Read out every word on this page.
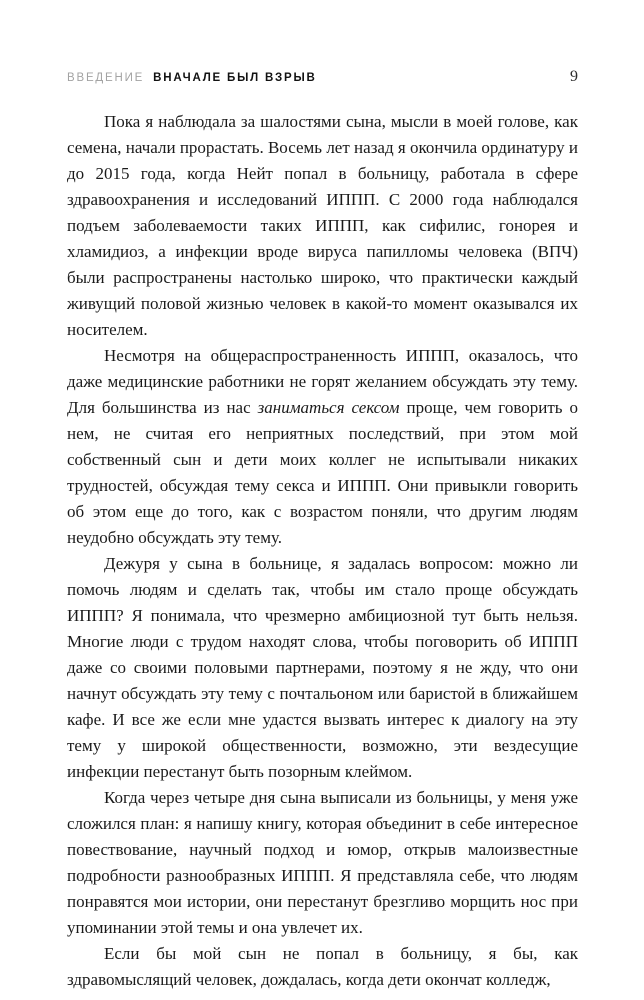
ВВЕДЕНИЕ ВНАЧАЛЕ БЫЛ ВЗРЫВ	9

Пока я наблюдала за шалостями сына, мысли в моей голове, как семена, начали прорастать. Восемь лет назад я окончила ординатуру и до 2015 года, когда Нейт попал в больницу, работала в сфере здравоохранения и исследований ИППП. С 2000 года наблюдался подъем заболеваемости таких ИППП, как сифилис, гонорея и хламидиоз, а инфекции вроде вируса папилломы человека (ВПЧ) были распространены настолько широко, что практически каждый живущий половой жизнью человек в какой-то момент оказывался их носителем.

Несмотря на общераспространенность ИППП, оказалось, что даже медицинские работники не горят желанием обсуждать эту тему. Для большинства из нас заниматься сексом проще, чем говорить о нем, не считая его неприятных последствий, при этом мой собственный сын и дети моих коллег не испытывали никаких трудностей, обсуждая тему секса и ИППП. Они привыкли говорить об этом еще до того, как с возрастом поняли, что другим людям неудобно обсуждать эту тему.

Дежуря у сына в больнице, я задалась вопросом: можно ли помочь людям и сделать так, чтобы им стало проще обсуждать ИППП? Я понимала, что чрезмерно амбициозной тут быть нельзя. Многие люди с трудом находят слова, чтобы поговорить об ИППП даже со своими половыми партнерами, поэтому я не жду, что они начнут обсуждать эту тему с почтальоном или баристой в ближайшем кафе. И все же если мне удастся вызвать интерес к диалогу на эту тему у широкой общественности, возможно, эти вездесущие инфекции перестанут быть позорным клеймом.

Когда через четыре дня сына выписали из больницы, у меня уже сложился план: я напишу книгу, которая объединит в себе интересное повествование, научный подход и юмор, открыв малоизвестные подробности разнообразных ИППП. Я представляла себе, что людям понравятся мои истории, они перестанут брезгливо морщить нос при упоминании этой темы и она увлечет их.

Если бы мой сын не попал в больницу, я бы, как здравомыслящий человек, дождалась, когда дети окончат колледж,
